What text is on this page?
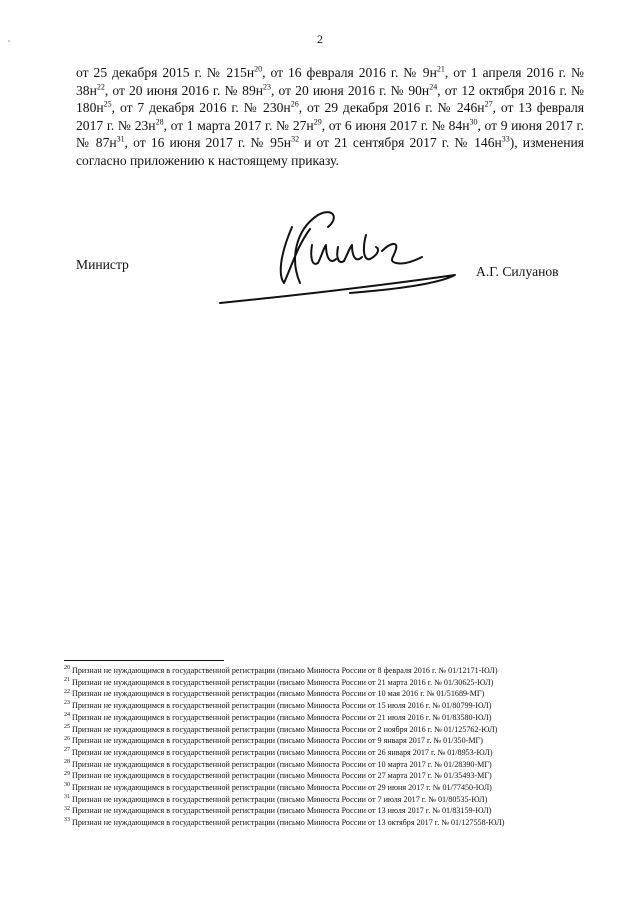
2

от 25 декабря 2015 г. № $215н^{20}$, от 16 февраля 2016 г. № $9н^{21}$, от 1 апреля 2016 г. № $38н^{22}$, от 20 июня 2016 г. № $89н^{23}$, от 20 июня 2016 г. № $90н^{24}$, от 12 октября 2016 г. № $180н^{25}$, от 7 декабря 2016 г. № $230н^{26}$, от 29 декабря 2016 г. № $246н^{27}$, от 13 февраля 2017 г. № $23н^{28}$, от 1 марта 2017 г. № $27н^{29}$, от 6 июня 2017 г. № $84н^{30}$, от 9 июня 2017 г. № $87н^{31}$, от 16 июня 2017 г. № $95н^{32}$ и от 21 сентября 2017 г. № $146н^{33}$), изменения согласно приложению к настоящему приказу.

Министр	А.Г. Силуанов
$^{20}$ Признан не нуждающимся в государственной регистрации (письмо Минюста России от 8 февраля 2016 г. № 01/12171-ЮЛ)
$^{21}$ Признан не нуждающимся в государственной регистрации (письмо Минюста России от 21 марта 2016 г. № 01/30625-ЮЛ)
$^{22}$ Признан не нуждающимся в государственной регистрации (письмо Минюста России от 10 мая 2016 г. № 01/51689-МГ)
$^{23}$ Признан не нуждающимся в государственной регистрации (письмо Минюста России от 15 июля 2016 г. № 01/80799-ЮЛ)
$^{24}$ Признан не нуждающимся в государственной регистрации (письмо Минюста России от 21 июля 2016 г. № 01/83580-ЮЛ)
$^{25}$ Признан не нуждающимся в государственной регистрации (письмо Минюста России от 2 ноября 2016 г. № 01/125762-ЮЛ)
$^{26}$ Признан не нуждающимся в государственной регистрации (письмо Минюста России от 9 января 2017 г. № 01/350-МГ)
$^{27}$ Признан не нуждающимся в государственной регистрации (письмо Минюста России от 26 января 2017 г. № 01/8953-ЮЛ)
$^{28}$ Признан не нуждающимся в государственной регистрации (письмо Минюста России от 10 марта 2017 г. № 01/28390-МГ)
$^{29}$ Признан не нуждающимся в государственной регистрации (письмо Минюста России от 27 марта 2017 г. № 01/35493-МГ)
$^{30}$ Признан не нуждающимся в государственной регистрации (письмо Минюста России от 29 июня 2017 г. № 01/77450-ЮЛ)
$^{31}$ Признан не нуждающимся в государственной регистрации (письмо Минюста России от 7 июля 2017 г. № 01/80535-ЮЛ)
$^{32}$ Признан не нуждающимся в государственной регистрации (письмо Минюста России от 13 июля 2017 г. № 01/83159-ЮЛ)
$^{33}$ Признан не нуждающимся в государственной регистрации (письмо Минюста России от 13 октября 2017 г. № 01/127558-ЮЛ)
